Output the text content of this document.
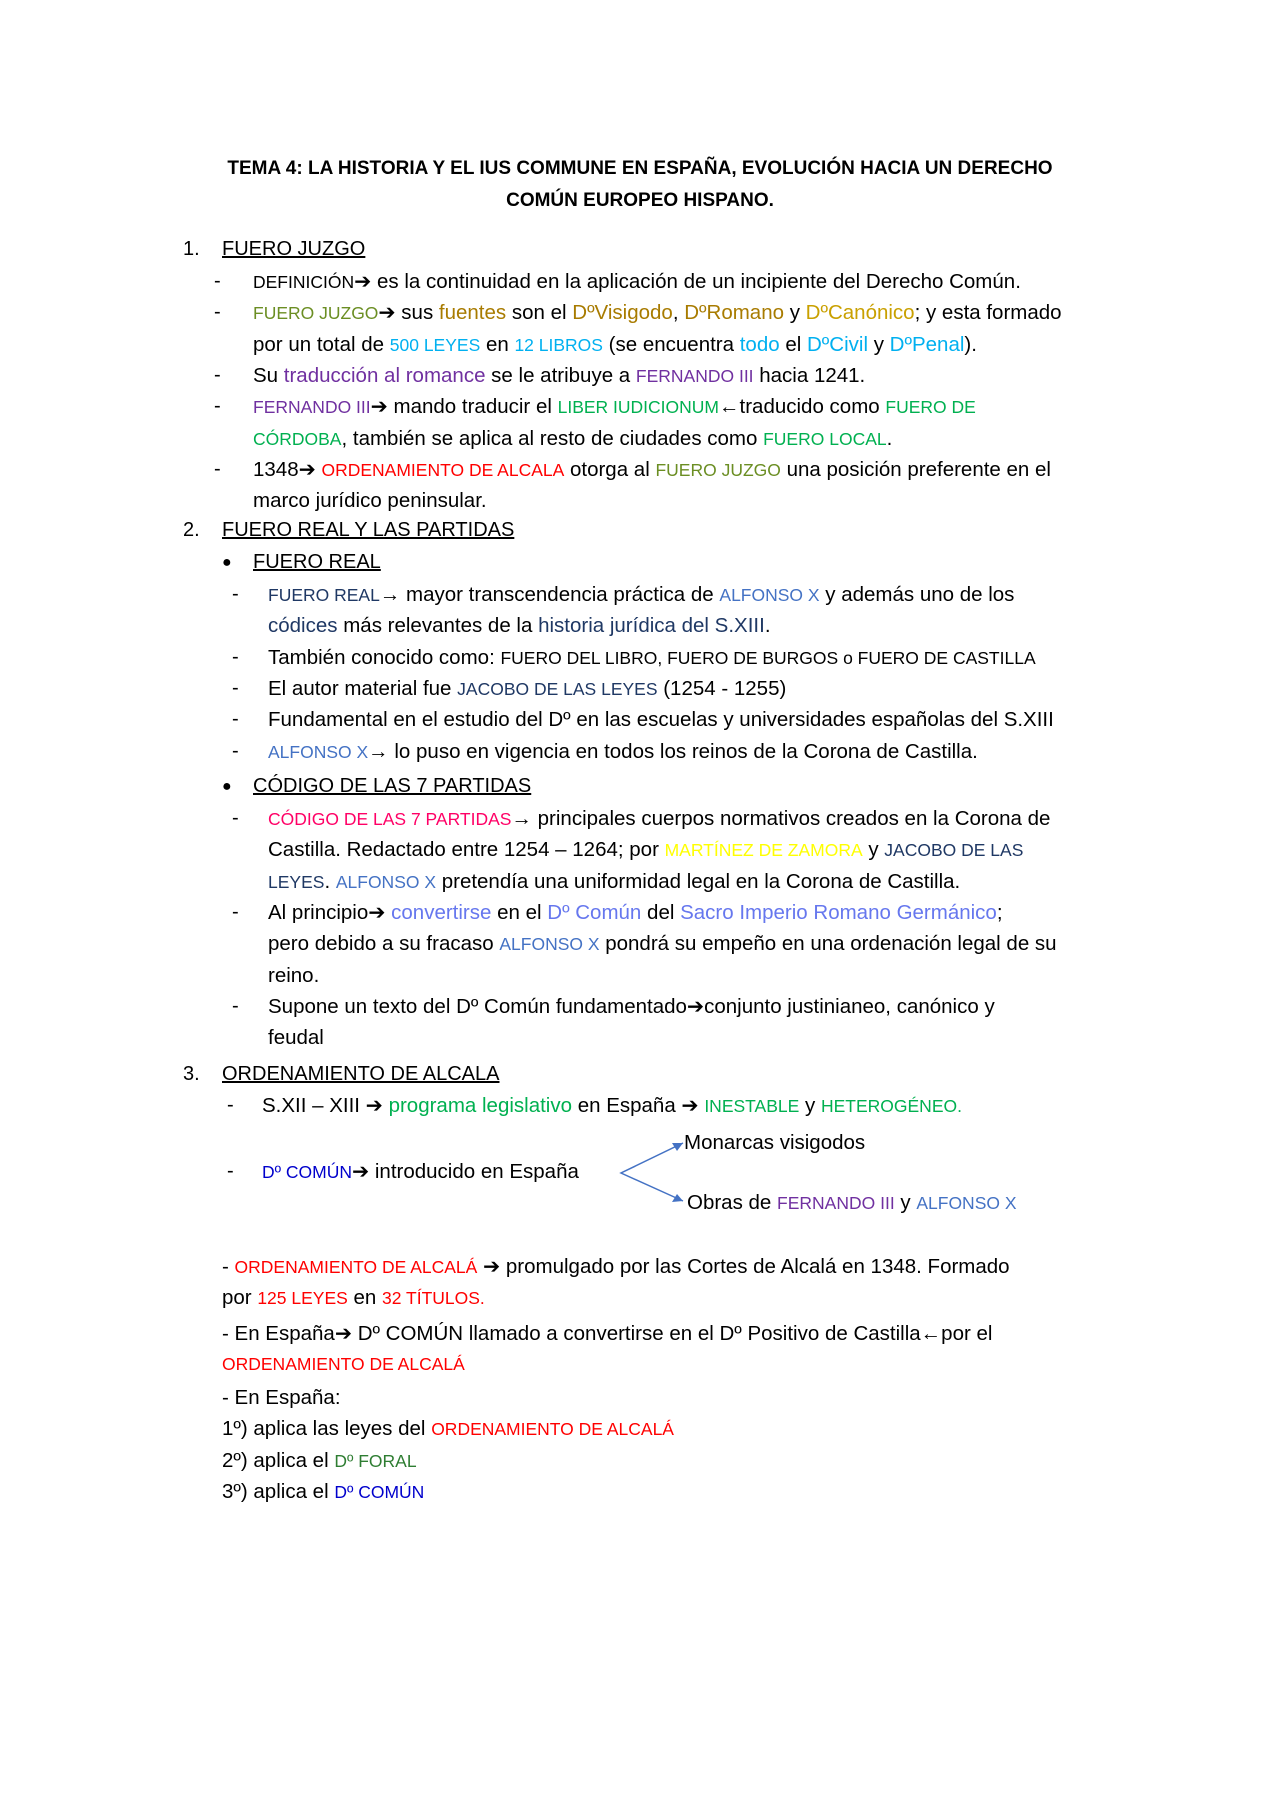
TEMA 4: LA HISTORIA Y EL IUS COMMUNE EN ESPAÑA, EVOLUCIÓN HACIA UN DERECHO
COMÚN EUROPEO HISPANO.
1. FUERO JUZGO
- DEFINICIÓN➔ es la continuidad en la aplicación de un incipiente del Derecho Común.
- FUERO JUZGO➔ sus fuentes son el DºVisigodo, DºRomano y DºCanónico; y esta formado
por un total de 500 LEYES en 12 LIBROS (se encuentra todo el DºCivil y DºPenal).
- Su traducción al romance se le atribuye a FERNANDO III hacia 1241.
- FERNANDO III➔ mando traducir el LIBER IUDICIONUM←traducido como FUERO DE
CÓRDOBA, también se aplica al resto de ciudades como FUERO LOCAL.
- 1348➔ ORDENAMIENTO DE ALCALA otorga al FUERO JUZGO una posición preferente en el
marco jurídico peninsular.
2. FUERO REAL Y LAS PARTIDAS
● FUERO REAL
- FUERO REAL→ mayor transcendencia práctica de ALFONSO X y además uno de los
códices más relevantes de la historia jurídica del S.XIII.
- También conocido como: FUERO DEL LIBRO, FUERO DE BURGOS o FUERO DE CASTILLA
- El autor material fue JACOBO DE LAS LEYES (1254 - 1255)
- Fundamental en el estudio del Dº en las escuelas y universidades españolas del S.XIII
- ALFONSO X→ lo puso en vigencia en todos los reinos de la Corona de Castilla.
● CÓDIGO DE LAS 7 PARTIDAS
- CÓDIGO DE LAS 7 PARTIDAS→ principales cuerpos normativos creados en la Corona de
Castilla. Redactado entre 1254 – 1264; por MARTÍNEZ DE ZAMORA y JACOBO DE LAS
LEYES. ALFONSO X pretendía una uniformidad legal en la Corona de Castilla.
- Al principio➔ convertirse en el Dº Común del Sacro Imperio Romano Germánico;
pero debido a su fracaso ALFONSO X pondrá su empeño en una ordenación legal de su
reino.
- Supone un texto del Dº Común fundamentado➔conjunto justinianeo, canónico y
feudal
3. ORDENAMIENTO DE ALCALA
- S.XII – XIII ➔ programa legislativo en España ➔ INESTABLE y HETEROGÉNEO.
- Dº COMÚN➔ introducido en España
Monarcas visigodos
Obras de FERNANDO III y ALFONSO X
- ORDENAMIENTO DE ALCALÁ ➔ promulgado por las Cortes de Alcalá en 1348. Formado
por 125 LEYES en 32 TÍTULOS.
- En España➔ Dº COMÚN llamado a convertirse en el Dº Positivo de Castilla←por el
ORDENAMIENTO DE ALCALÁ
- En España:
1º) aplica las leyes del ORDENAMIENTO DE ALCALÁ
2º) aplica el Dº FORAL
3º) aplica el Dº COMÚN
